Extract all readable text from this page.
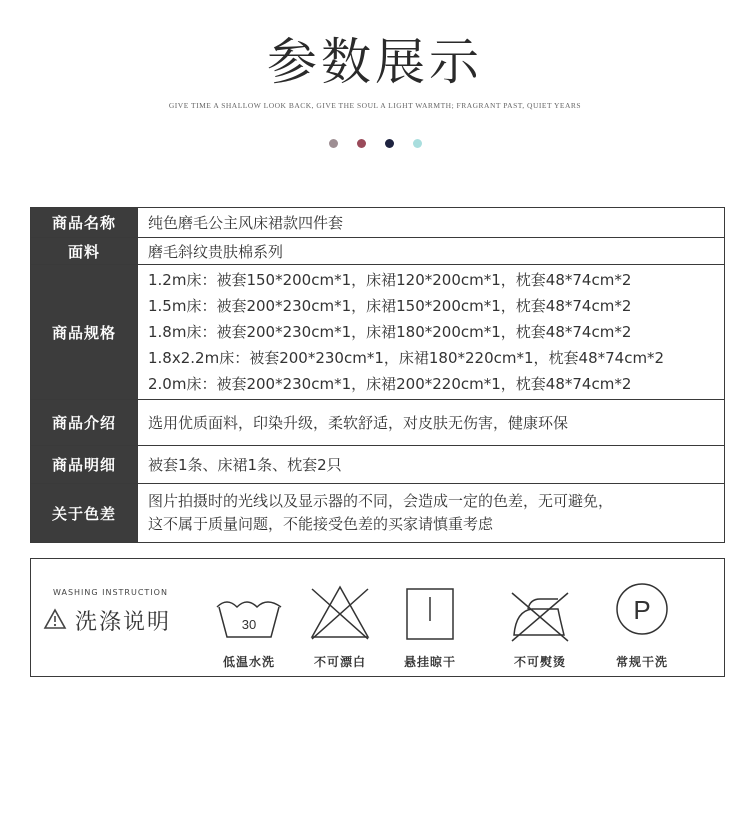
参数展示
GIVE TIME A SHALLOW LOOK BACK, GIVE THE SOUL A LIGHT WARMTH; FRAGRANT PAST, QUIET YEARS
商品名称	纯色磨毛公主风床裙款四件套
面料	磨毛斜纹贵肤棉系列
商品规格	1.2m床：被套150*200cm*1，床裙120*200cm*1，枕套48*74cm*2
1.5m床：被套200*230cm*1，床裙150*200cm*1，枕套48*74cm*2
1.8m床：被套200*230cm*1，床裙180*200cm*1，枕套48*74cm*2
1.8x2.2m床：被套200*230cm*1，床裙180*220cm*1，枕套48*74cm*2
2.0m床：被套200*230cm*1，床裙200*220cm*1，枕套48*74cm*2

商品介绍	选用优质面料，印染升级，柔软舒适，对皮肤无伤害，健康环保
商品明细	被套1条、床裙1条、枕套2只
关于色差	图片拍摄时的光线以及显示器的不同，会造成一定的色差，无可避免，
这不属于质量问题，不能接受色差的买家请慎重考虑
WASHING INSTRUCTION
洗涤说明	30
低温水洗	不可漂白	悬挂晾干	不可熨烫
P
常规干洗
